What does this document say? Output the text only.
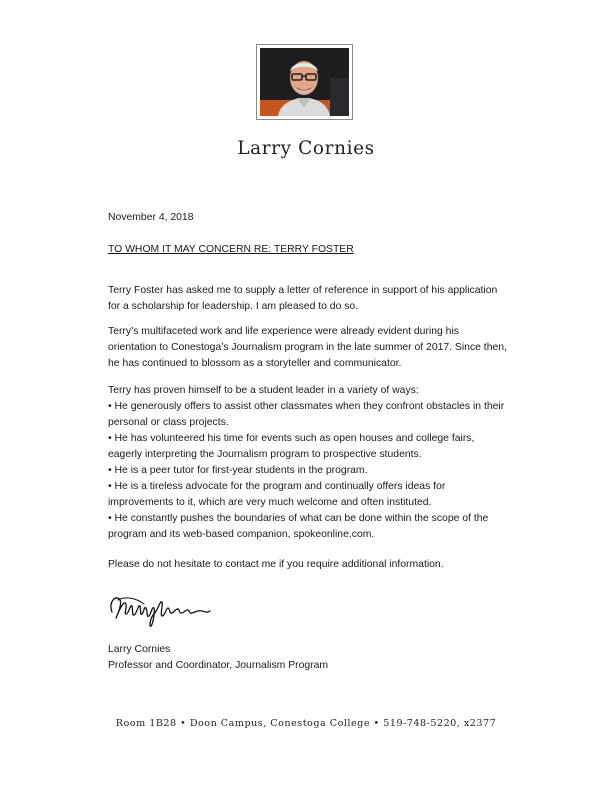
Larry Cornies
November 4, 2018
TO WHOM IT MAY CONCERN RE: TERRY FOSTER

Terry Foster has asked me to supply a letter of reference in support of his application for a scholarship for leadership. I am pleased to do so.

Terry’s multifaceted work and life experience were already evident during his orientation to Conestoga’s Journalism program in the late summer of 2017. Since then, he has continued to blossom as a storyteller and communicator.

Terry has proven himself to be a student leader in a variety of ways:
• He generously offers to assist other classmates when they confront obstacles in their personal or class projects.
• He has volunteered his time for events such as open houses and college fairs, eagerly interpreting the Journalism program to prospective students.
• He is a peer tutor for first-year students in the program.
• He is a tireless advocate for the program and continually offers ideas for improvements to it, which are very much welcome and often instituted.
• He constantly pushes the boundaries of what can be done within the scope of the program and its web-based companion, spokeonline.com.

Please do not hesitate to contact me if you require additional information.

Larry Cornies
Professor and Coordinator, Journalism Program
Room 1B28 • Doon Campus, Conestoga College • 519-748-5220, x2377
